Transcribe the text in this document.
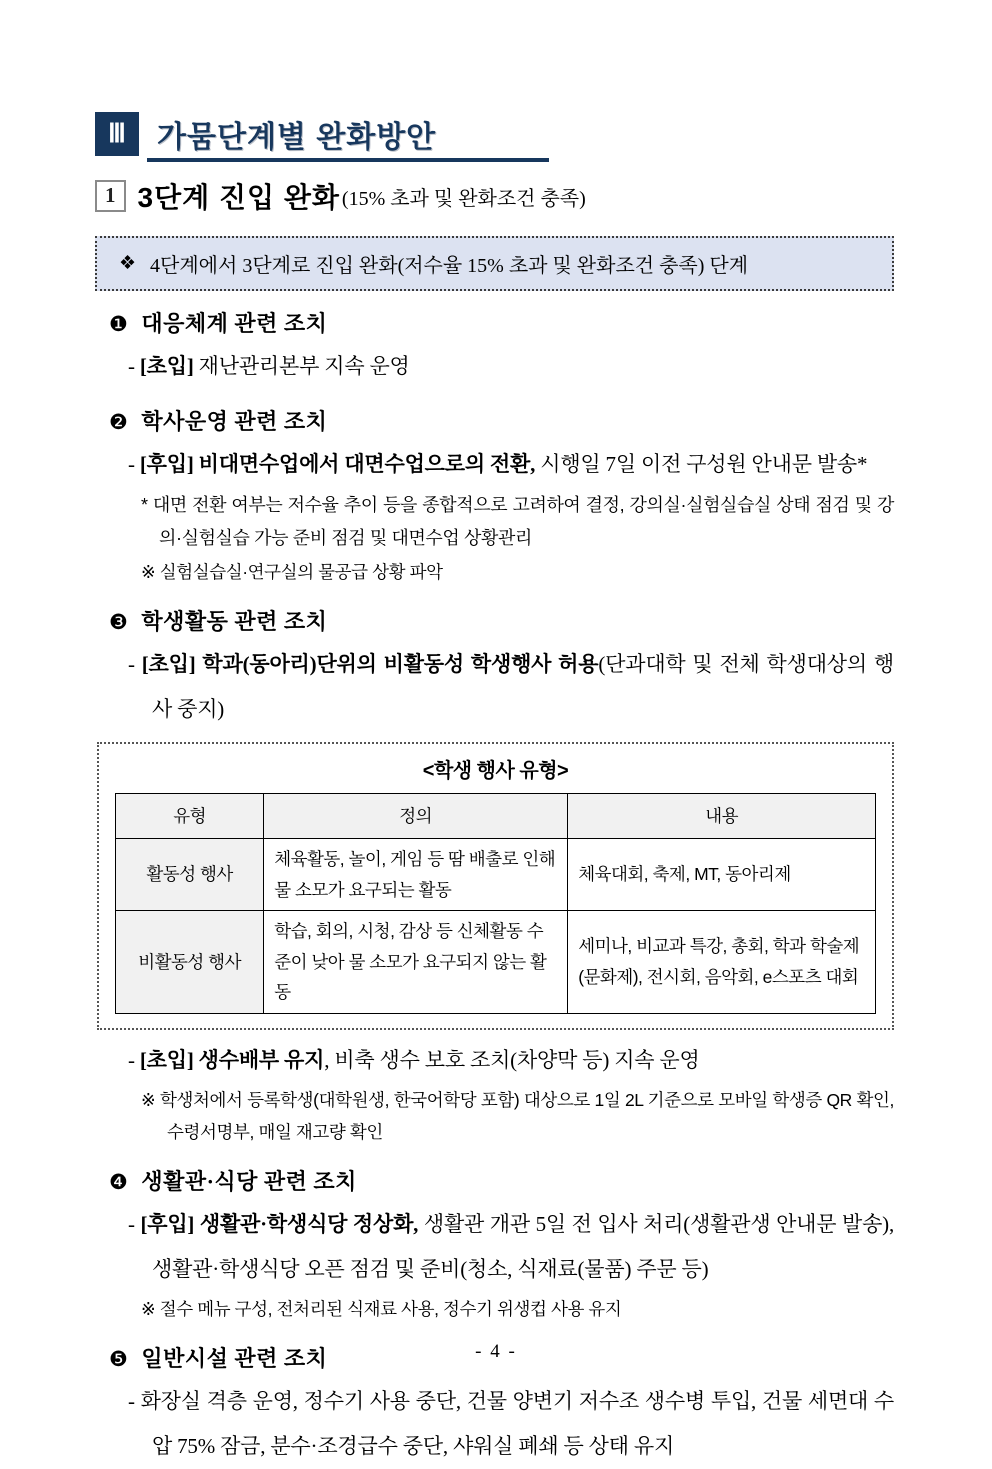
Ⅲ 가뭄단계별 완화방안
1 3단계 진입 완화 (15% 초과 및 완화조건 충족)
❖ 4단계에서 3단계로 진입 완화(저수율 15% 초과 및 완화조건 충족) 단계
❶ 대응체계 관련 조치
- [초입] 재난관리본부 지속 운영
❷ 학사운영 관련 조치
- [후입] 비대면수업에서 대면수업으로의 전환, 시행일 7일 이전 구성원 안내문 발송*
* 대면 전환 여부는 저수율 추이 등을 종합적으로 고려하여 결정, 강의실·실험실습실 상태 점검 및 강의·실험실습 가능 준비 점검 및 대면수업 상황관리
※ 실험실습실·연구실의 물공급 상황 파악
❸ 학생활동 관련 조치
- [초입] 학과(동아리)단위의 비활동성 학생행사 허용(단과대학 및 전체 학생대상의 행사 중지)
<학생 행사 유형>
유형	정의	내용
활동성 행사	체육활동, 놀이, 게임 등 땀 배출로 인해 물 소모가 요구되는 활동	체육대회, 축제, MT, 동아리제
비활동성 행사	학습, 회의, 시청, 감상 등 신체활동 수준이 낮아 물 소모가 요구되지 않는 활동	세미나, 비교과 특강, 총회, 학과 학술제(문화제), 전시회, 음악회, e스포츠 대회
- [초입] 생수배부 유지, 비축 생수 보호 조치(차양막 등) 지속 운영
※ 학생처에서 등록학생(대학원생, 한국어학당 포함) 대상으로 1일 2L 기준으로 모바일 학생증 QR 확인, 수령서명부, 매일 재고량 확인
❹ 생활관·식당 관련 조치
- [후입] 생활관·학생식당 정상화, 생활관 개관 5일 전 입사 처리(생활관생 안내문 발송), 생활관·학생식당 오픈 점검 및 준비(청소, 식재료(물품) 주문 등)
※ 절수 메뉴 구성, 전처리된 식재료 사용, 정수기 위생컵 사용 유지
❺ 일반시설 관련 조치
- 화장실 격층 운영, 정수기 사용 중단, 건물 양변기 저수조 생수병 투입, 건물 세면대 수압 75% 잠금, 분수·조경급수 중단, 샤워실 폐쇄 등 상태 유지
- 4 -
